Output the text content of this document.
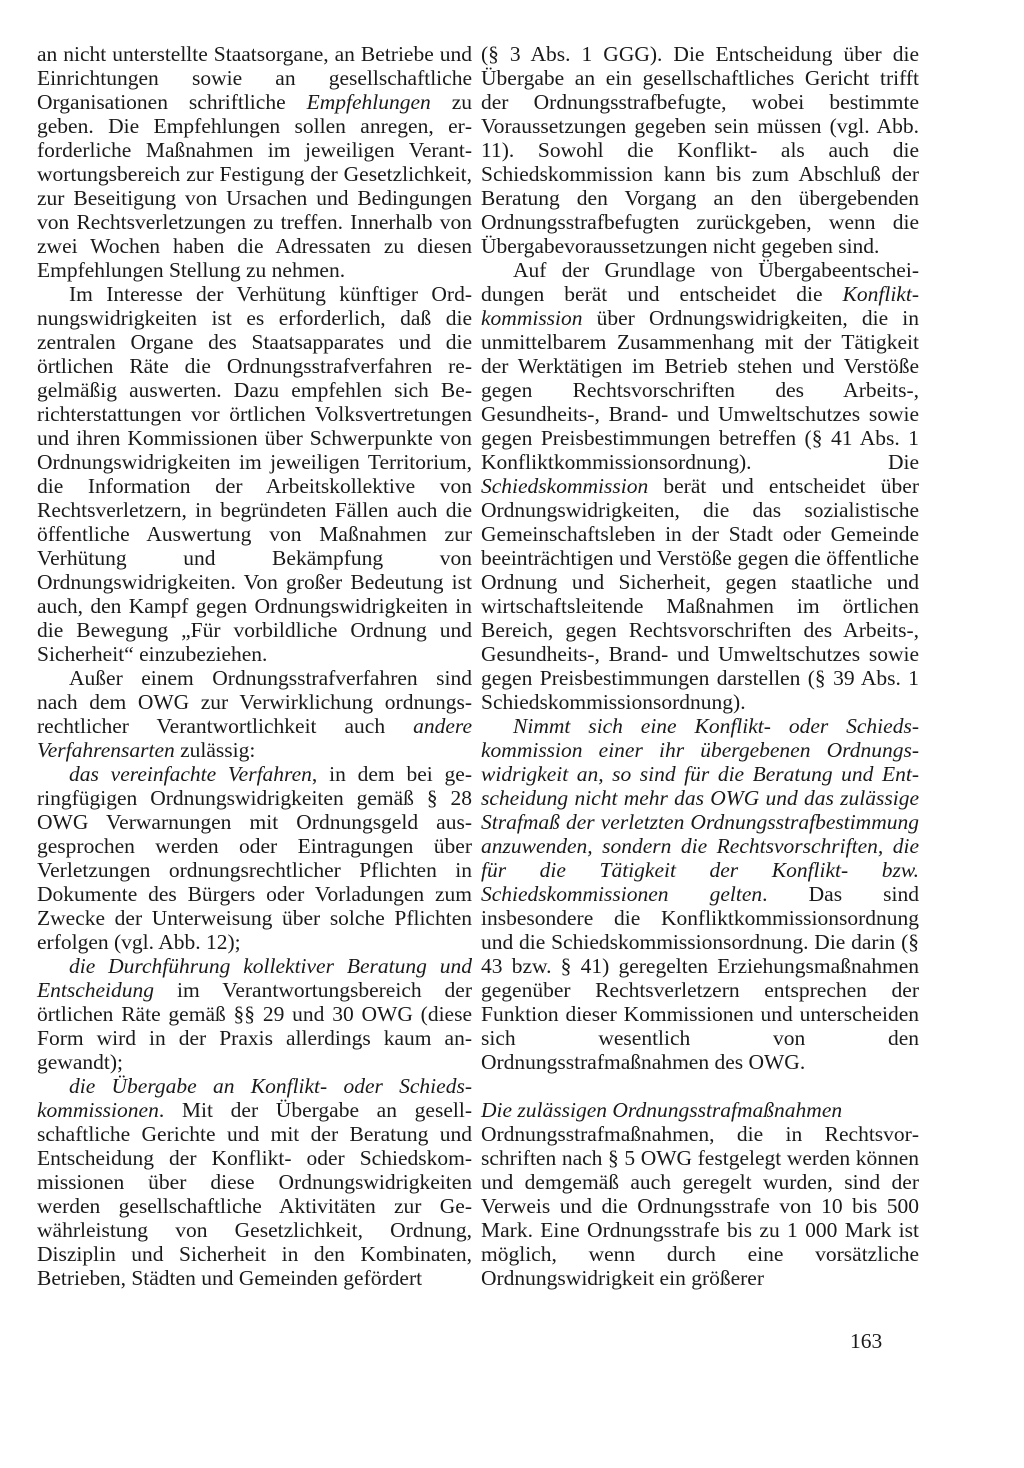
an nicht unterstellte Staatsorgane, an Betriebe und Einrichtungen sowie an gesellschaftliche Organisationen schriftliche Empfehlungen zu geben. Die Empfehlungen sollen anregen, erforderliche Maßnahmen im jeweiligen Verantwortungsbereich zur Festigung der Gesetzlichkeit, zur Beseitigung von Ursachen und Bedingungen von Rechtsverletzungen zu treffen. Innerhalb von zwei Wochen haben die Adressaten zu diesen Empfehlungen Stellung zu nehmen.

Im Interesse der Verhütung künftiger Ordnungswidrigkeiten ist es erforderlich, daß die zentralen Organe des Staatsapparates und die örtlichen Räte die Ordnungsstrafverfahren regelmäßig auswerten. Dazu empfehlen sich Berichterstattungen vor örtlichen Volksvertretungen und ihren Kommissionen über Schwerpunkte von Ordnungswidrigkeiten im jeweiligen Territorium, die Information der Arbeitskollektive von Rechtsverletzern, in begründeten Fällen auch die öffentliche Auswertung von Maßnahmen zur Verhütung und Bekämpfung von Ordnungswidrigkeiten. Von großer Bedeutung ist auch, den Kampf gegen Ordnungswidrigkeiten in die Bewegung „Für vorbildliche Ordnung und Sicherheit“ einzubeziehen.

Außer einem Ordnungsstrafverfahren sind nach dem OWG zur Verwirklichung ordnungsrechtlicher Verantwortlichkeit auch andere Verfahrensarten zulässig:

das vereinfachte Verfahren, in dem bei geringfügigen Ordnungswidrigkeiten gemäß § 28 OWG Verwarnungen mit Ordnungsgeld ausgesprochen werden oder Eintragungen über Verletzungen ordnungsrechtlicher Pflichten in Dokumente des Bürgers oder Vorladungen zum Zwecke der Unterweisung über solche Pflichten erfolgen (vgl. Abb. 12);

die Durchführung kollektiver Beratung und Entscheidung im Verantwortungsbereich der örtlichen Räte gemäß §§ 29 und 30 OWG (diese Form wird in der Praxis allerdings kaum angewandt);

die Übergabe an Konflikt- oder Schiedskommissionen. Mit der Übergabe an gesellschaftliche Gerichte und mit der Beratung und Entscheidung der Konflikt- oder Schiedskommissionen über diese Ordnungswidrigkeiten werden gesellschaftliche Aktivitäten zur Gewährleistung von Gesetzlichkeit, Ordnung, Disziplin und Sicherheit in den Kombinaten, Betrieben, Städten und Gemeinden gefördert

(§ 3 Abs. 1 GGG). Die Entscheidung über die Übergabe an ein gesellschaftliches Gericht trifft der Ordnungsstrafbefugte, wobei bestimmte Voraussetzungen gegeben sein müssen (vgl. Abb. 11). Sowohl die Konflikt- als auch die Schiedskommission kann bis zum Abschluß der Beratung den Vorgang an den übergebenden Ordnungsstrafbefugten zurückgeben, wenn die Übergabevoraussetzungen nicht gegeben sind.

Auf der Grundlage von Übergabeentscheidungen berät und entscheidet die Konfliktkommission über Ordnungswidrigkeiten, die in unmittelbarem Zusammenhang mit der Tätigkeit der Werktätigen im Betrieb stehen und Verstöße gegen Rechtsvorschriften des Arbeits-, Gesundheits-, Brand- und Umweltschutzes sowie gegen Preisbestimmungen betreffen (§ 41 Abs. 1 Konfliktkommissionsordnung). Die Schiedskommission berät und entscheidet über Ordnungswidrigkeiten, die das sozialistische Gemeinschaftsleben in der Stadt oder Gemeinde beeinträchtigen und Verstöße gegen die öffentliche Ordnung und Sicherheit, gegen staatliche und wirtschaftsleitende Maßnahmen im örtlichen Bereich, gegen Rechtsvorschriften des Arbeits-, Gesundheits-, Brand- und Umweltschutzes sowie gegen Preisbestimmungen darstellen (§ 39 Abs. 1 Schiedskommissionsordnung).

Nimmt sich eine Konflikt- oder Schiedskommission einer ihr übergebenen Ordnungswidrigkeit an, so sind für die Beratung und Entscheidung nicht mehr das OWG und das zulässige Strafmaß der verletzten Ordnungsstrafbestimmung anzuwenden, sondern die Rechtsvorschriften, die für die Tätigkeit der Konflikt- bzw. Schiedskommissionen gelten. Das sind insbesondere die Konfliktkommissionsordnung und die Schiedskommissionsordnung. Die darin (§ 43 bzw. § 41) geregelten Erziehungsmaßnahmen gegenüber Rechtsverletzern entsprechen der Funktion dieser Kommissionen und unterscheiden sich wesentlich von den Ordnungsstrafmaßnahmen des OWG.

Die zulässigen Ordnungsstrafmaßnahmen

Ordnungsstrafmaßnahmen, die in Rechtsvorschriften nach § 5 OWG festgelegt werden können und demgemäß auch geregelt wurden, sind der Verweis und die Ordnungsstrafe von 10 bis 500 Mark. Eine Ordnungsstrafe bis zu 1 000 Mark ist möglich, wenn durch eine vorsätzliche Ordnungswidrigkeit ein größerer

163
